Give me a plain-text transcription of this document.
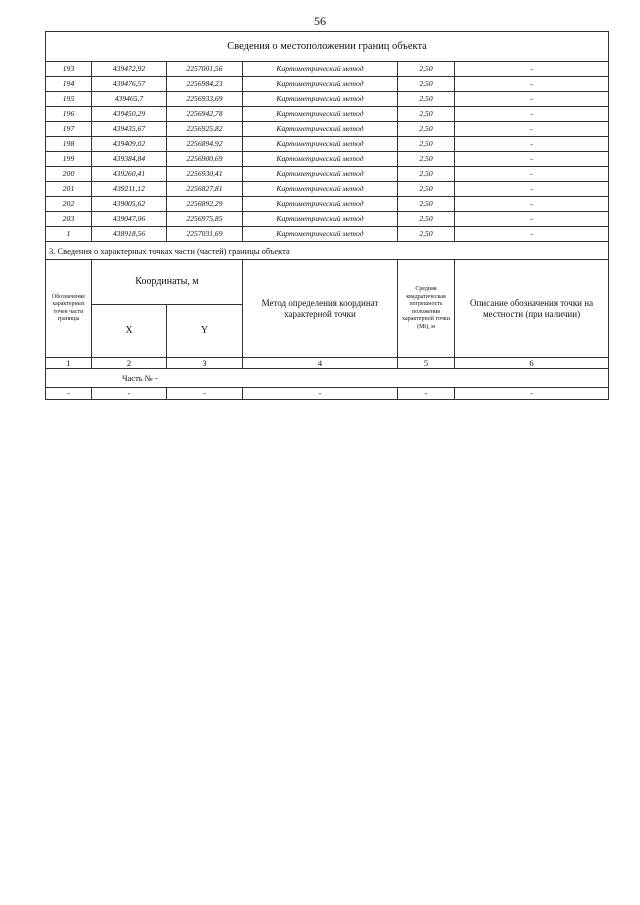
56
Сведения о местоположении границ объекта					
193	439472,92	2257001,56	Картометрический метод	2,50	-
194	439476,57	2256984,23	Картометрический метод	2,50	-
195	439465,7	2256933,69	Картометрический метод	2,50	-
196	439450,29	2256942,78	Картометрический метод	2,50	-
197	439435,67	2256925,82	Картометрический метод	2,50	-
198	439409,02	2256894,92	Картометрический метод	2,50	-
199	439384,84	2256900,69	Картометрический метод	2,50	-
200	439260,41	2256930,41	Картометрический метод	2,50	-
201	439211,12	2256827,81	Картометрический метод	2,50	-
202	439005,62	2256892,29	Картометрический метод	2,50	-
203	439047,06	2256975,85	Картометрический метод	2,50	-
1	438918,56	2257031,69	Картометрический метод	2,50	-
3. Сведения о характерных точках части (частей) границы объекта					
Обозначение характерных точек части границы	Координаты, м		Метод определения координат характерной точки	Средняя квадратическая погрешность положения характерной точки (Mt), м	Описание обозначения точки на местности (при наличии)
	X	Y			
1	2	3	4	5	6
Часть № -					
-	-	-	-	-	-
